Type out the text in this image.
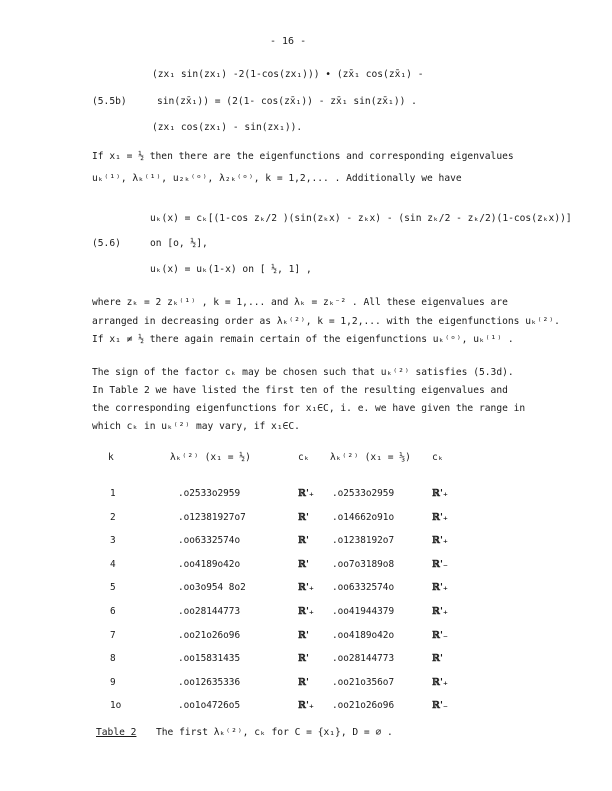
- 16 -
(zx₁ sin(zx₁) -2(1-cos(zx₁))) • (zx̄₁ cos(zx̄₁) -
(5.5b)	sin(zx̄₁)) = (2(1- cos(zx̄₁)) - zx̄₁ sin(zx̄₁)) .
(zx₁ cos(zx₁) - sin(zx₁)).
If x₁ = ½ then there are the eigenfunctions and corresponding eigenvalues
uₖ⁽¹⁾, λₖ⁽¹⁾, u₂ₖ⁽ᵒ⁾, λ₂ₖ⁽ᵒ⁾, k = 1,2,... . Additionally we have
uₖ(x) = cₖ[(1-cos zₖ/2 )(sin(zₖx) - zₖx) - (sin zₖ/2 - zₖ/2)(1-cos(zₖx))]
(5.6)	on [o, ½],
uₖ(x) = uₖ(1-x) on [ ½, 1] ,
where zₖ = 2 zₖ⁽¹⁾ , k = 1,... and λₖ = zₖ⁻² . All these eigenvalues are
arranged in decreasing order as λₖ⁽²⁾, k = 1,2,... with the eigenfunctions uₖ⁽²⁾.
If x₁ ≠ ½ there again remain certain of the eigenfunctions uₖ⁽ᵒ⁾, uₖ⁽¹⁾ .
The sign of the factor cₖ may be chosen such that uₖ⁽²⁾ satisfies (5.3d).
In Table 2 we have listed the first ten of the resulting eigenvalues and
the corresponding eigenfunctions for x₁∈C, i. e. we have given the range in
which cₖ in uₖ⁽²⁾ may vary, if x₁∈C.
k	λₖ⁽²⁾ (x₁ = ½)	cₖ λₖ⁽²⁾ (x₁ = ⅓) cₖ
1	.o2533o2959	ℝ'₊ .o2533o2959	ℝ'₊
2	.o12381927o7	ℝ' .o14662o91o	ℝ'₊
3	.oo6332574o	ℝ' .o1238192o7	ℝ'₊
4	.oo4189o42o	ℝ' .oo7o3189o8	ℝ'₋
5	.oo3o954 8o2	ℝ'₊ .oo6332574o	ℝ'₊
6	.oo28144773	ℝ'₊ .oo41944379	ℝ'₊
7	.oo21o26o96	ℝ' .oo4189o42o	ℝ'₋
8	.oo15831435	ℝ' .oo28144773	ℝ'
9	.oo12635336	ℝ' .oo21o356o7	ℝ'₊
1o	.oo1o4726o5	ℝ'₊ .oo21o26o96	ℝ'₋
Table 2 The first λₖ⁽²⁾, cₖ for C = {x₁}, D = ∅ .
